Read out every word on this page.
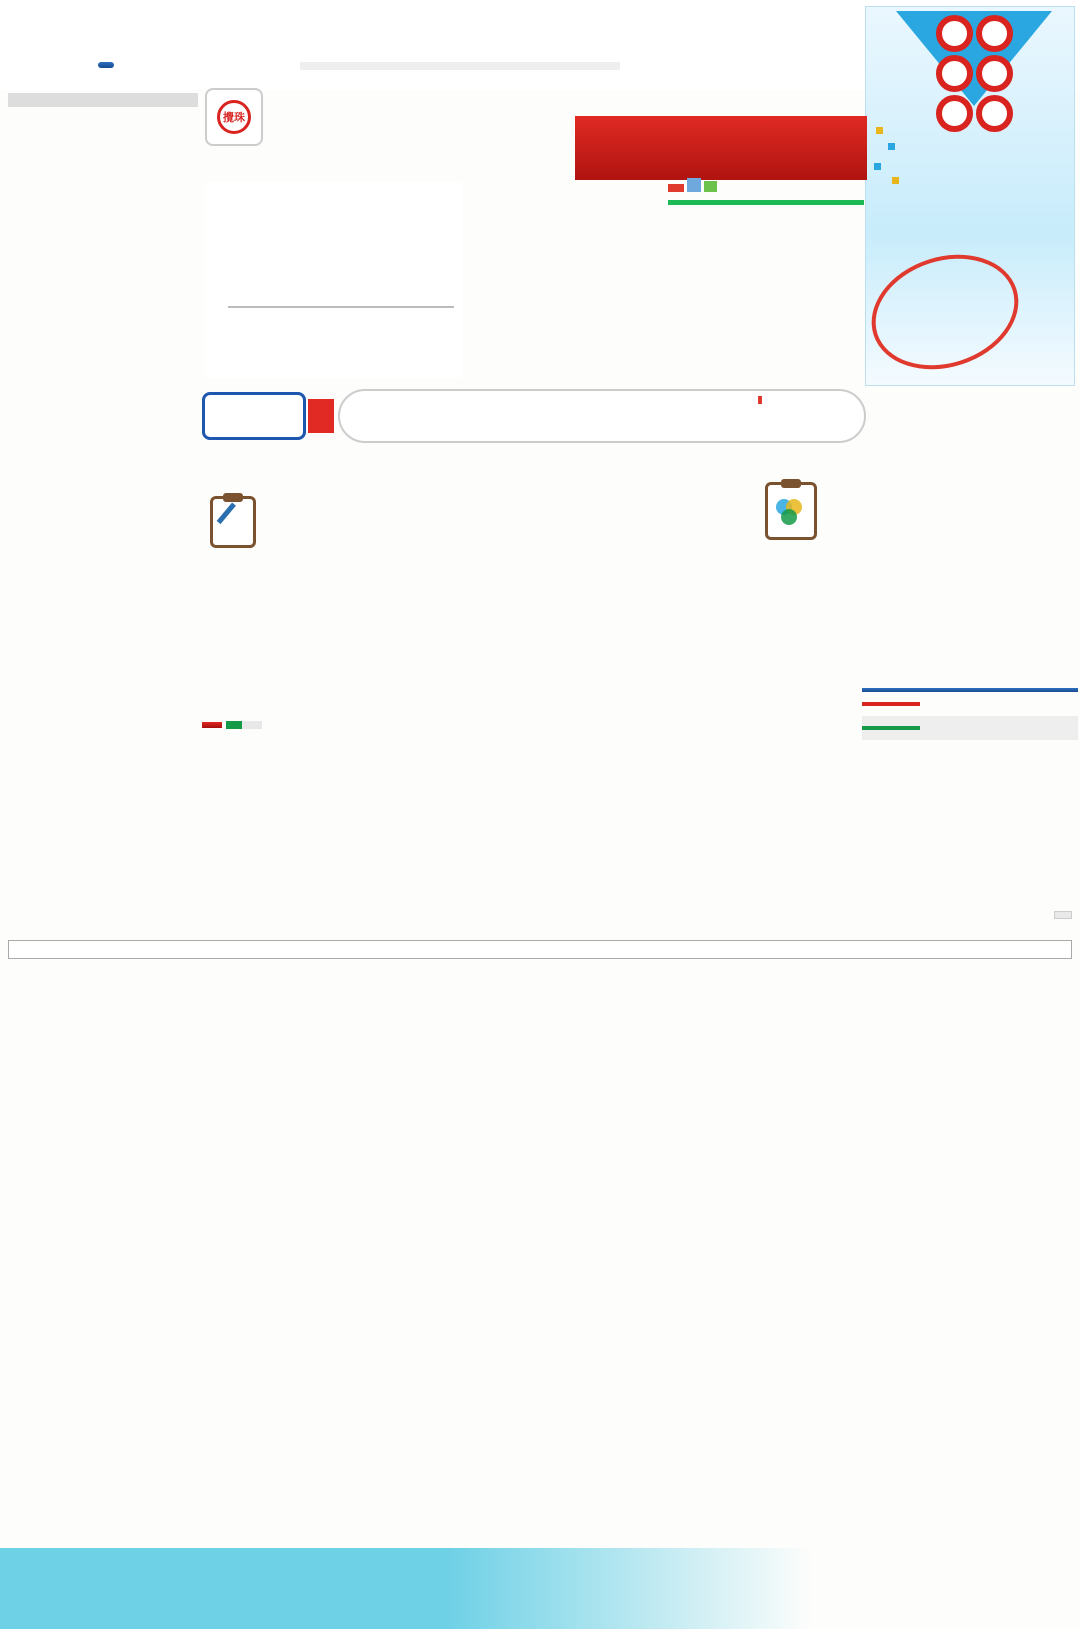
攪珠
